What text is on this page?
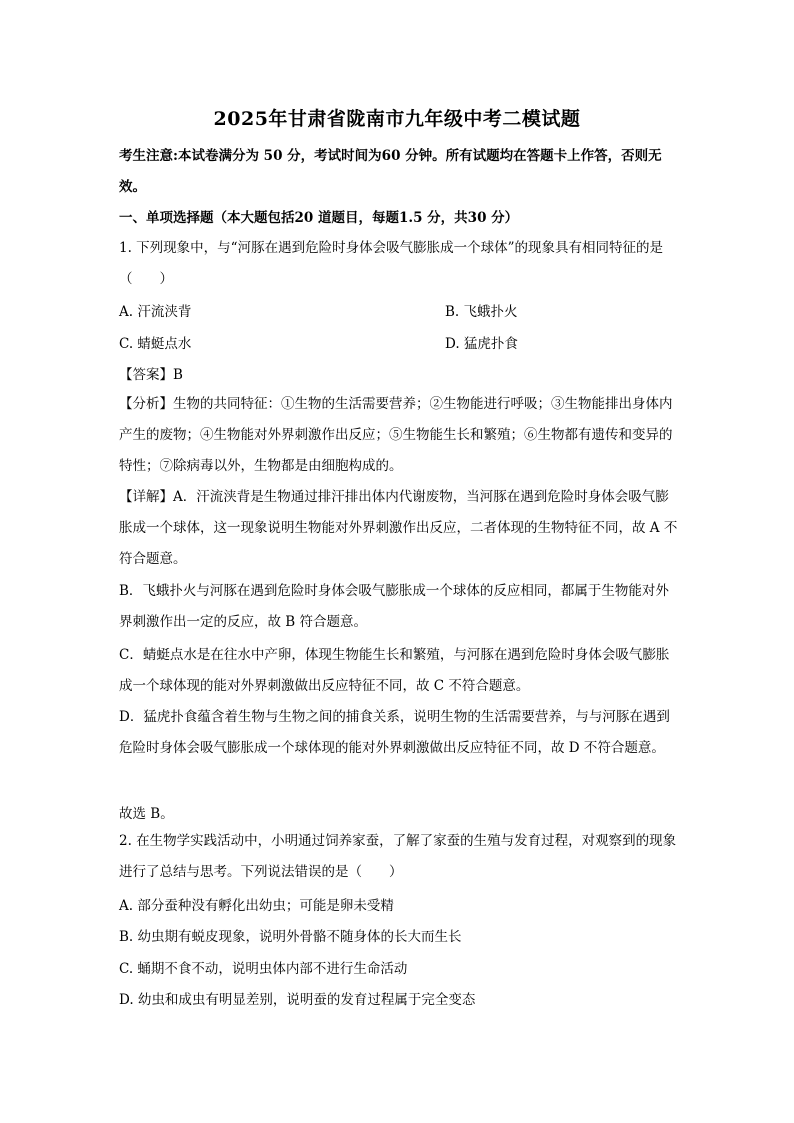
2025年甘肃省陇南市九年级中考二模试题
考生注意:本试卷满分为 50 分，考试时间为60 分钟。所有试题均在答题卡上作答，否则无效。
一、单项选择题（本大题包括20 道题目，每题1.5 分，共30 分）
1. 下列现象中，与“河豚在遇到危险时身体会吸气膨胀成一个球体”的现象具有相同特征的是（　　）
A. 汗流浃背	B. 飞蛾扑火
C. 蜻蜓点水	D. 猛虎扑食
【答案】B
【分析】生物的共同特征：①生物的生活需要营养；②生物能进行呼吸；③生物能排出身体内产生的废物；④生物能对外界刺激作出反应；⑤生物能生长和繁殖；⑥生物都有遗传和变异的特性；⑦除病毒以外，生物都是由细胞构成的。
【详解】A．汗流浃背是生物通过排汗排出体内代谢废物，当河豚在遇到危险时身体会吸气膨胀成一个球体，这一现象说明生物能对外界刺激作出反应，二者体现的生物特征不同，故 A 不符合题意。
B．飞蛾扑火与河豚在遇到危险时身体会吸气膨胀成一个球体的反应相同，都属于生物能对外界刺激作出一定的反应，故 B 符合题意。
C．蜻蜓点水是在往水中产卵，体现生物能生长和繁殖，与河豚在遇到危险时身体会吸气膨胀成一个球体现的能对外界刺激做出反应特征不同，故 C 不符合题意。
D．猛虎扑食蕴含着生物与生物之间的捕食关系，说明生物的生活需要营养，与与河豚在遇到危险时身体会吸气膨胀成一个球体现的能对外界刺激做出反应特征不同，故 D 不符合题意。
故选 B。
2. 在生物学实践活动中，小明通过饲养家蚕，了解了家蚕的生殖与发育过程，对观察到的现象进行了总结与思考。下列说法错误的是（　　）
A. 部分蚕种没有孵化出幼虫；可能是卵未受精
B. 幼虫期有蜕皮现象，说明外骨骼不随身体的长大而生长
C. 蛹期不食不动，说明虫体内部不进行生命活动
D. 幼虫和成虫有明显差别，说明蚕的发育过程属于完全变态
